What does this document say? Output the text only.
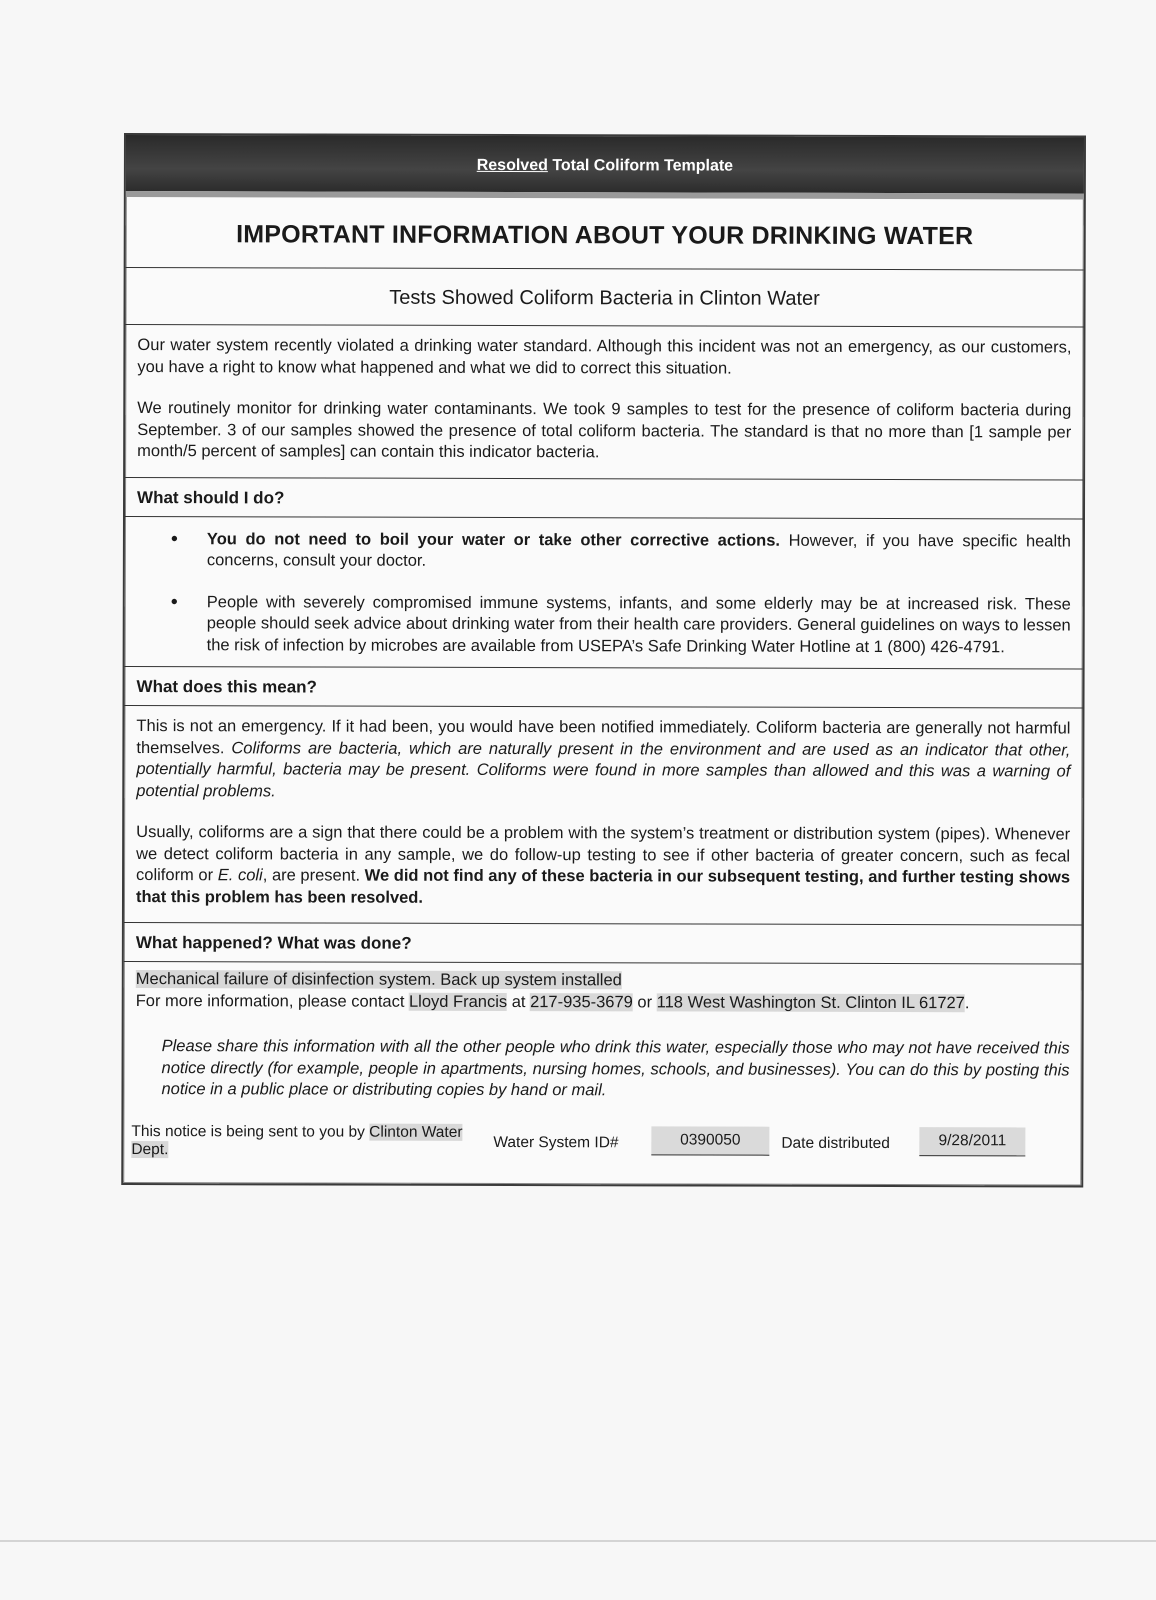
Resolved Total Coliform Template
IMPORTANT INFORMATION ABOUT YOUR DRINKING WATER
Tests Showed Coliform Bacteria in Clinton Water

Our water system recently violated a drinking water standard. Although this incident was not an emergency, as our customers, you have a right to know what happened and what we did to correct this situation.

We routinely monitor for drinking water contaminants. We took 9 samples to test for the presence of coliform bacteria during September. 3 of our samples showed the presence of total coliform bacteria. The standard is that no more than [1 sample per month/5 percent of samples] can contain this indicator bacteria.

What should I do?
• You do not need to boil your water or take other corrective actions. However, if you have specific health concerns, consult your doctor.
• People with severely compromised immune systems, infants, and some elderly may be at increased risk. These people should seek advice about drinking water from their health care providers. General guidelines on ways to lessen the risk of infection by microbes are available from USEPA’s Safe Drinking Water Hotline at 1 (800) 426-4791.
What does this mean?

This is not an emergency. If it had been, you would have been notified immediately. Coliform bacteria are generally not harmful themselves. Coliforms are bacteria, which are naturally present in the environment and are used as an indicator that other, potentially harmful, bacteria may be present. Coliforms were found in more samples than allowed and this was a warning of potential problems.

Usually, coliforms are a sign that there could be a problem with the system’s treatment or distribution system (pipes). Whenever we detect coliform bacteria in any sample, we do follow-up testing to see if other bacteria of greater concern, such as fecal coliform or E. coli, are present. We did not find any of these bacteria in our subsequent testing, and further testing shows that this problem has been resolved.

What happened? What was done?
Mechanical failure of disinfection system. Back up system installed
For more information, please contact Lloyd Francis at 217-935-3679 or 118 West Washington St. Clinton IL 61727.
Please share this information with all the other people who drink this water, especially those who may not have received this notice directly (for example, people in apartments, nursing homes, schools, and businesses). You can do this by posting this notice in a public place or distributing copies by hand or mail.
This notice is being sent to you by Clinton Water Dept.	Water System ID#	0390050	Date distributed	9/28/2011
